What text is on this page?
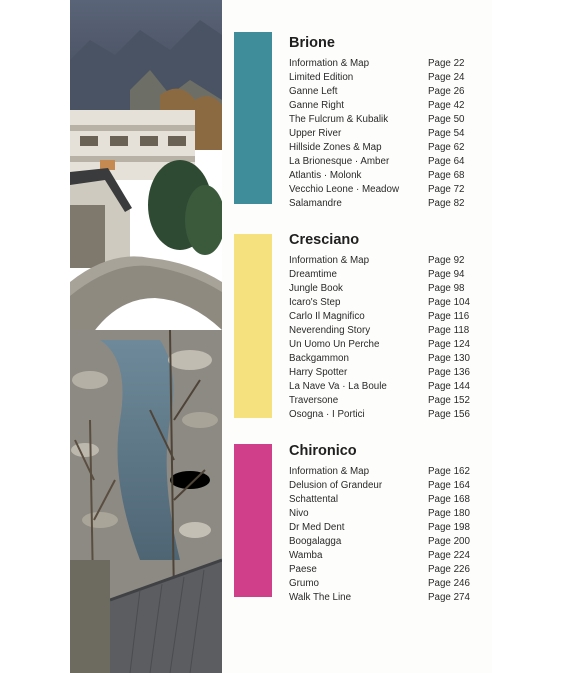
Brione
Information & Map	Page 22
Limited Edition	Page 24
Ganne Left	Page 26
Ganne Right	Page 42
The Fulcrum & Kubalik	Page 50
Upper River	Page 54
Hillside Zones & Map	Page 62
La Brionesque · Amber	Page 64
Atlantis · Molonk	Page 68
Vecchio Leone · Meadow	Page 72
Salamandre	Page 82
Cresciano
Information & Map	Page 92
Dreamtime	Page 94
Jungle Book	Page 98
Icaro's Step	Page 104
Carlo Il Magnifico	Page 116
Neverending Story	Page 118
Un Uomo Un Perche	Page 124
Backgammon	Page 130
Harry Spotter	Page 136
La Nave Va · La Boule	Page 144
Traversone	Page 152
Osogna · I Portici	Page 156
Chironico
Information & Map	Page 162
Delusion of Grandeur	Page 164
Schattental	Page 168
Nivo	Page 180
Dr Med Dent	Page 198
Boogalagga	Page 200
Wamba	Page 224
Paese	Page 226
Grumo	Page 246
Walk The Line	Page 274
